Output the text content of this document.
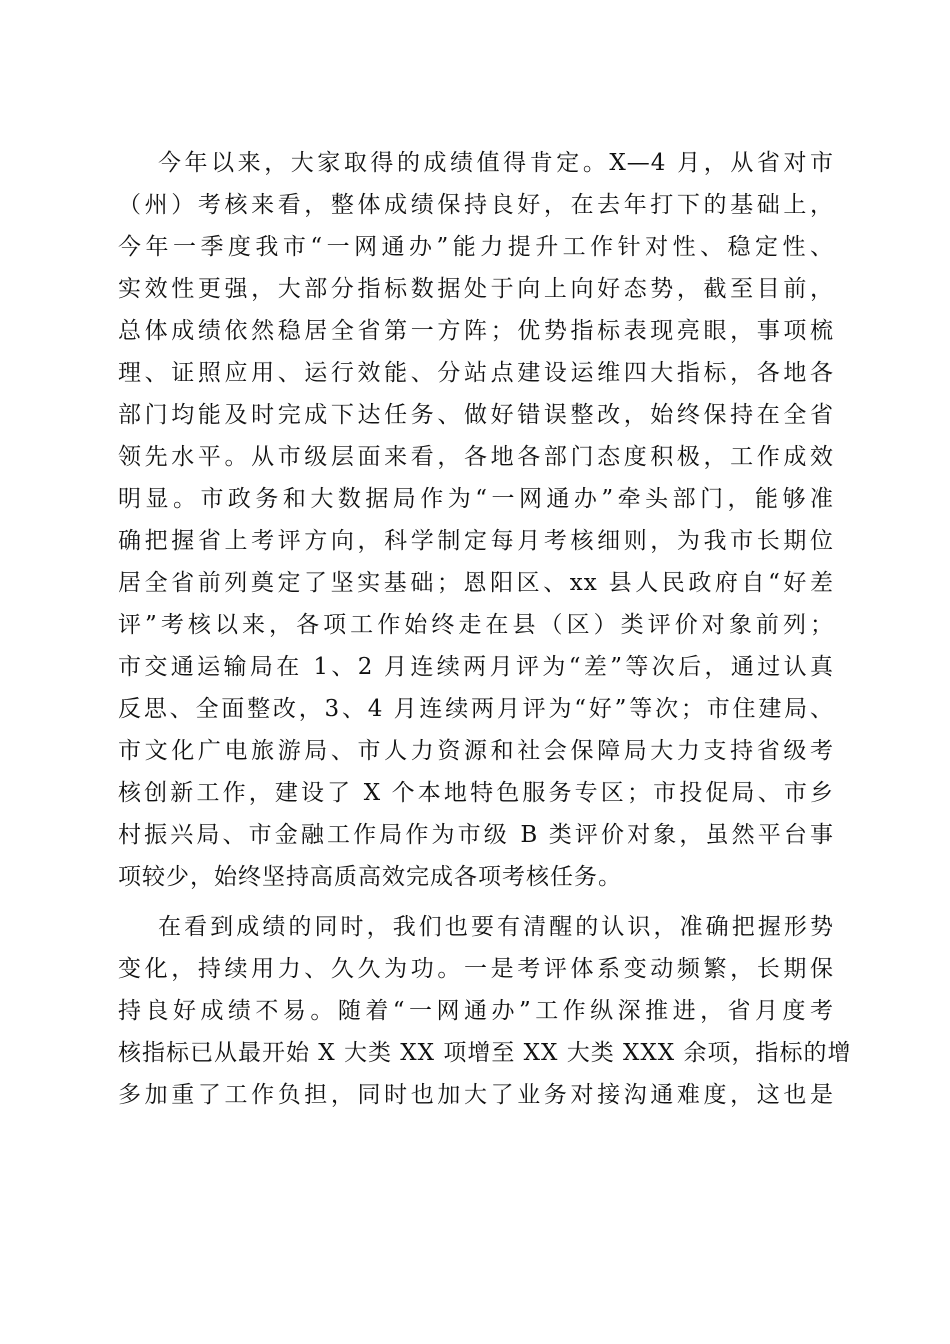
今年以来，大家取得的成绩值得肯定。X—4 月，从省对市
（州）考核来看，整体成绩保持良好，在去年打下的基础上，
今年一季度我市“一网通办”能力提升工作针对性、稳定性、
实效性更强，大部分指标数据处于向上向好态势，截至目前，
总体成绩依然稳居全省第一方阵；优势指标表现亮眼，事项梳
理、证照应用、运行效能、分站点建设运维四大指标，各地各
部门均能及时完成下达任务、做好错误整改，始终保持在全省
领先水平。从市级层面来看，各地各部门态度积极，工作成效
明显。市政务和大数据局作为“一网通办”牵头部门，能够准
确把握省上考评方向，科学制定每月考核细则，为我市长期位
居全省前列奠定了坚实基础；恩阳区、xx 县人民政府自“好差
评”考核以来，各项工作始终走在县（区）类评价对象前列；
市交通运输局在 1、2 月连续两月评为“差”等次后，通过认真
反思、全面整改，3、4 月连续两月评为“好”等次；市住建局、
市文化广电旅游局、市人力资源和社会保障局大力支持省级考
核创新工作，建设了 X 个本地特色服务专区；市投促局、市乡
村振兴局、市金融工作局作为市级 B 类评价对象，虽然平台事
项较少，始终坚持高质高效完成各项考核任务。
在看到成绩的同时，我们也要有清醒的认识，准确把握形势
变化，持续用力、久久为功。一是考评体系变动频繁，长期保
持良好成绩不易。随着“一网通办”工作纵深推进，省月度考
核指标已从最开始 X 大类 XX 项增至 XX 大类 XXX 余项，指标的增
多加重了工作负担，同时也加大了业务对接沟通难度，这也是
